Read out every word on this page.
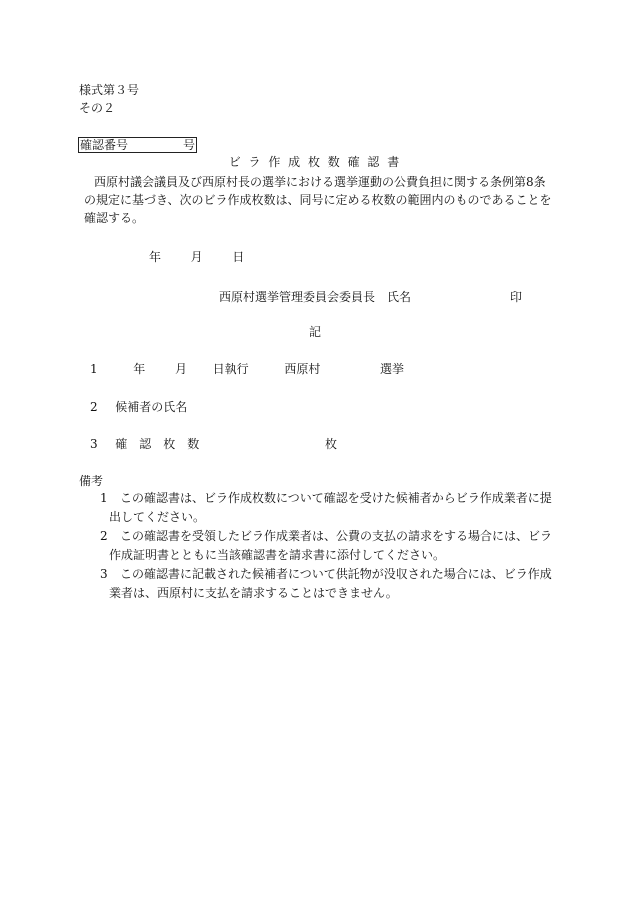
様式第３号
その２
確認番号	号
ビ ラ 作 成 枚 数 確 認 書
西原村議会議員及び西原村長の選挙における選挙運動の公費負担に関する条例第8条の規定に基づき、次のビラ作成枚数は、同号に定める枚数の範囲内のものであることを確認する。
年 月 日
西原村選挙管理委員会委員長　氏名	印
記
1	年 月 日執行	西原村	選挙
2 候補者の氏名
3 確　認　枚　数	枚
備考

1 この確認書は、ビラ作成枚数について確認を受けた候補者からビラ作成業者に提出してください。

2 この確認書を受領したビラ作成業者は、公費の支払の請求をする場合には、ビラ作成証明書とともに当該確認書を請求書に添付してください。

3 この確認書に記載された候補者について供託物が没収された場合には、ビラ作成業者は、西原村に支払を請求することはできません。
